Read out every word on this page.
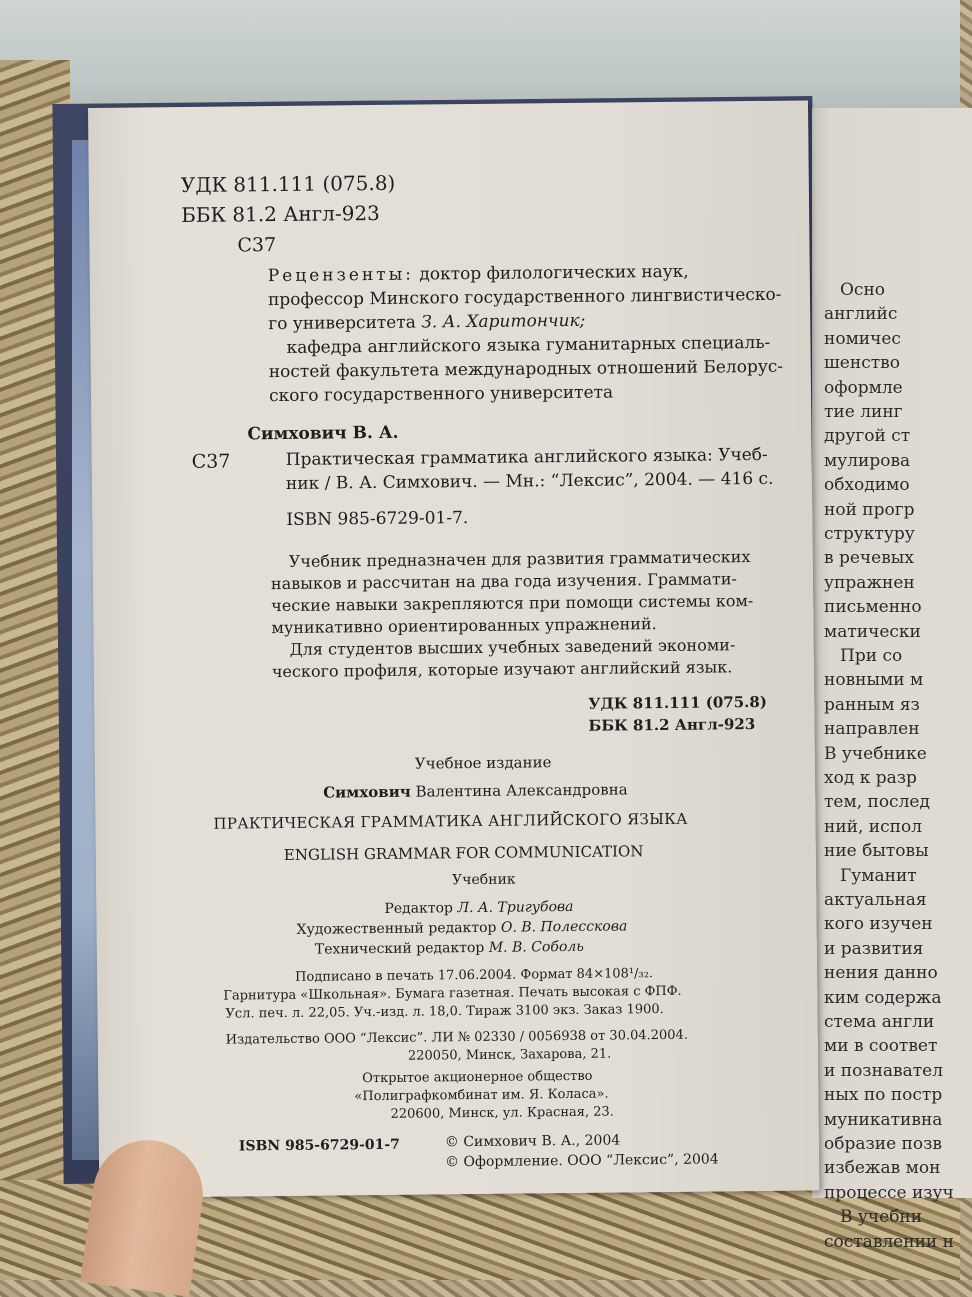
Осно

английс

номичес

шенство

оформле

тие линг

другой ст

мулирова

обходимо

ной прогр

структуру

в речевых

упражнен

письменно

матически

При со

новными м

ранным яз

направлен

В учебнике

ход к разр

тем, послед

ний, испол

ние бытовы

Гуманит

актуальная

кого изучен

и развития

нения данно

ким содержа

стема англи

ми в соответ

и познавател

ных по постр

муникативна

образие позв

избежав мон

процессе изуч

В учебни

составлении н

УДК 811.111 (075.8)

ББК 81.2 Англ-923

С37

Рецензенты: доктор филологических наук,

профессор Минского государственного лингвистическо-

го университета З. А. Харитончик;

кафедра английского языка гуманитарных специаль-

ностей факультета международных отношений Белорус-

ского государственного университета

Симхович В. А.

С37	Практическая грамматика английского языка: Учеб-

ник / В. А. Симхович. — Мн.: “Лексис”, 2004. — 416 с.

ISBN 985-6729-01-7.

Учебник предназначен для развития грамматических

навыков и рассчитан на два года изучения. Граммати-

ческие навыки закрепляются при помощи системы ком-

муникативно ориентированных упражнений.

Для студентов высших учебных заведений экономи-

ческого профиля, которые изучают английский язык.

УДК 811.111 (075.8)

ББК 81.2 Англ-923

Учебное издание

Симхович Валентина Александровна

ПРАКТИЧЕСКАЯ ГРАММАТИКА АНГЛИЙСКОГО ЯЗЫКА

ENGLISH GRAMMAR FOR COMMUNICATION

Учебник

Редактор Л. А. Тригубова

Художественный редактор О. В. Полесскова

Технический редактор М. В. Соболь

Подписано в печать 17.06.2004. Формат 84×108¹/₃₂.

Гарнитура «Школьная». Бумага газетная. Печать высокая с ФПФ.

Усл. печ. л. 22,05. Уч.-изд. л. 18,0. Тираж 3100 экз. Заказ 1900.

Издательство ООО “Лексис”. ЛИ № 02330 / 0056938 от 30.04.2004.

220050, Минск, Захарова, 21.

Открытое акционерное общество

«Полиграфкомбинат им. Я. Коласа».

220600, Минск, ул. Красная, 23.

ISBN 985-6729-01-7	© Симхович В. А., 2004

© Оформление. ООО “Лексис”, 2004
